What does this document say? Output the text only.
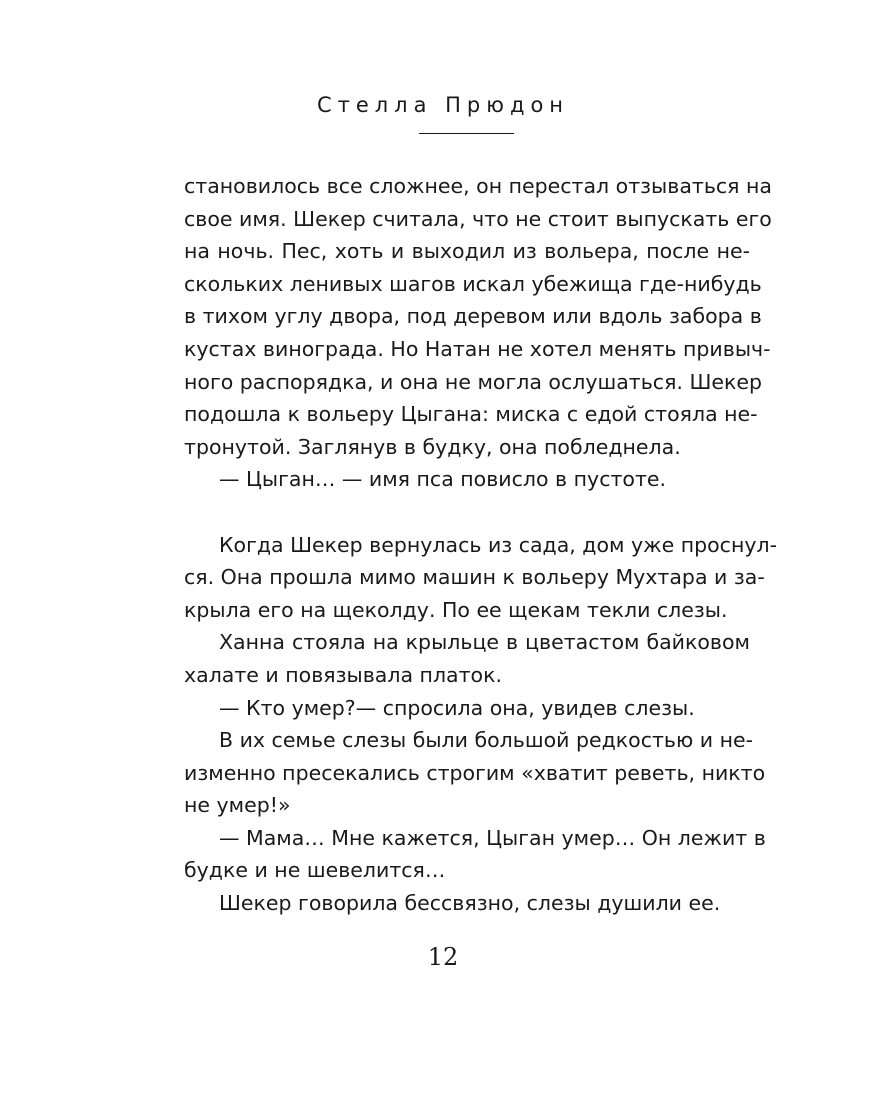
Стелла Прюдон
становилось все сложнее, он перестал отзываться на
свое имя. Шекер считала, что не стоит выпускать его
на ночь. Пес, хоть и выходил из вольера, после не-
скольких ленивых шагов искал убежища где-нибудь
в тихом углу двора, под деревом или вдоль забора в
кустах винограда. Но Натан не хотел менять привыч-
ного распорядка, и она не могла ослушаться. Шекер
подошла к вольеру Цыгана: миска с едой стояла не-
тронутой. Заглянув в будку, она побледнела.
— Цыган… — имя пса повисло в пустоте.
Когда Шекер вернулась из сада, дом уже проснул-
ся. Она прошла мимо машин к вольеру Мухтара и за-
крыла его на щеколду. По ее щекам текли слезы.
Ханна стояла на крыльце в цветастом байковом
халате и повязывала платок.
— Кто умер?— спросила она, увидев слезы.
В их семье слезы были большой редкостью и не-
изменно пресекались строгим «хватит реветь, никто
не умер!»
— Мама… Мне кажется, Цыган умер… Он лежит в
будке и не шевелится…
Шекер говорила бессвязно, слезы душили ее.
12
